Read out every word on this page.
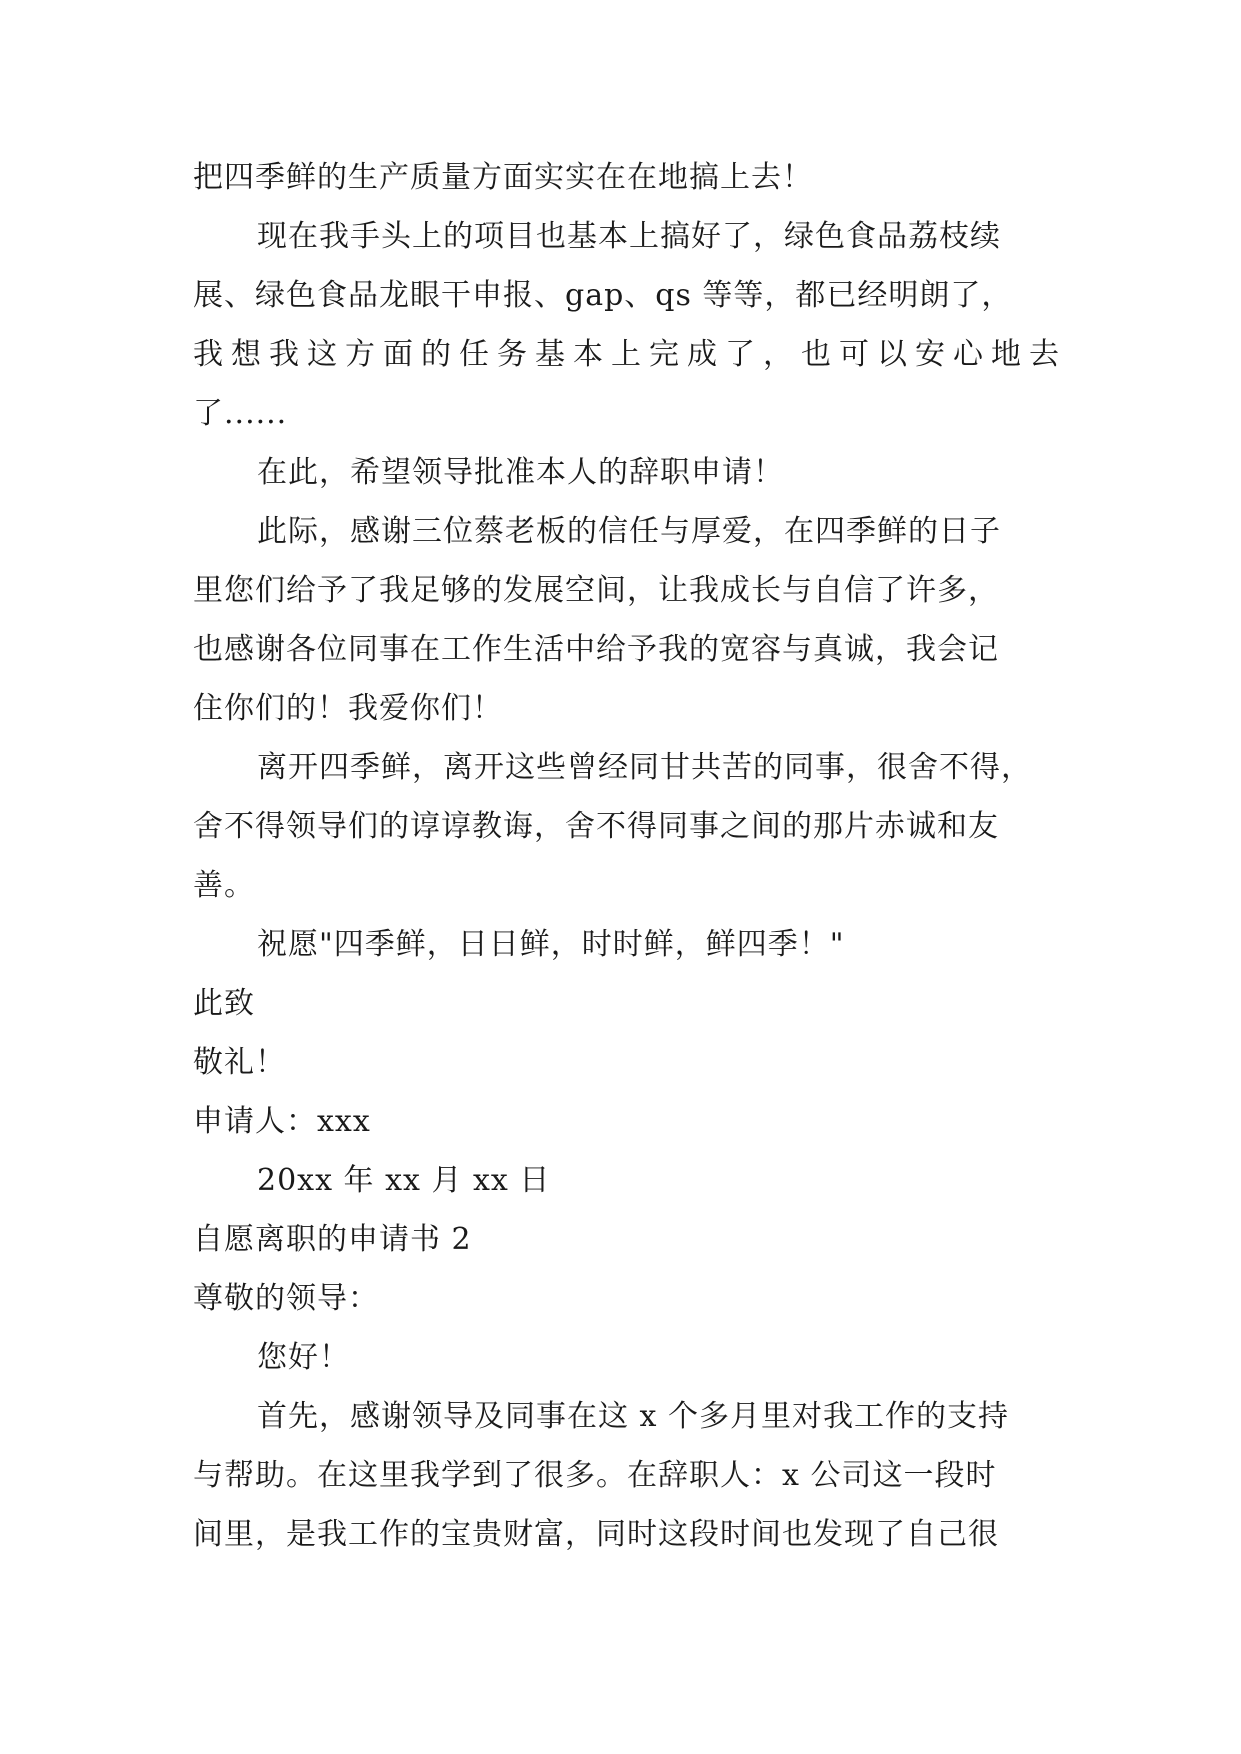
把四季鲜的生产质量方面实实在在地搞上去！
现在我手头上的项目也基本上搞好了，绿色食品荔枝续
展、绿色食品龙眼干申报、gap、qs 等等，都已经明朗了，
我想我这方面的任务基本上完成了，也可以安心地去
了......
在此，希望领导批准本人的辞职申请！
此际，感谢三位蔡老板的信任与厚爱，在四季鲜的日子
里您们给予了我足够的发展空间，让我成长与自信了许多，
也感谢各位同事在工作生活中给予我的宽容与真诚，我会记
住你们的！我爱你们！
离开四季鲜，离开这些曾经同甘共苦的同事，很舍不得，
舍不得领导们的谆谆教诲，舍不得同事之间的那片赤诚和友
善。
祝愿"四季鲜，日日鲜，时时鲜，鲜四季！"
此致
敬礼！
申请人：xxx
20xx 年 xx 月 xx 日
自愿离职的申请书 2
尊敬的领导：
您好！
首先，感谢领导及同事在这 x 个多月里对我工作的支持
与帮助。在这里我学到了很多。在辞职人：x 公司这一段时
间里，是我工作的宝贵财富，同时这段时间也发现了自己很
